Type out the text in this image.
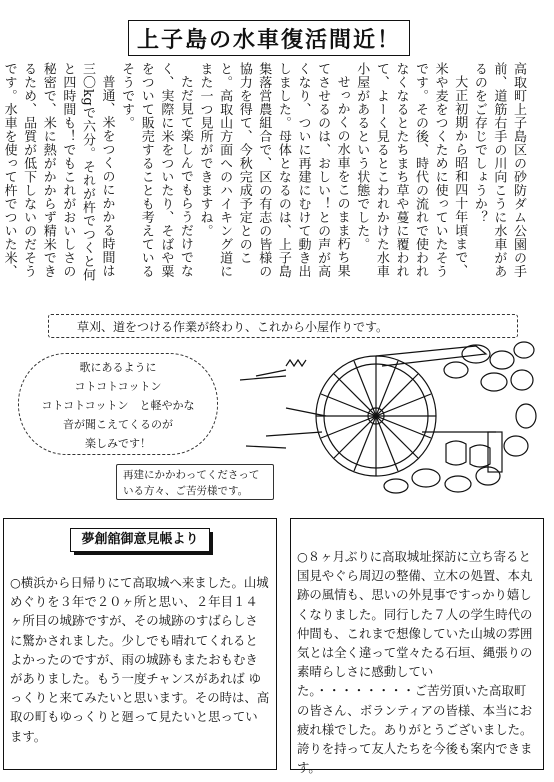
上子島の水車復活間近！

高取町上子島区の砂防ダム公園の手前、道筋右手の川向こうに水車があるのをご存じでしょうか？

大正初期から昭和四十年頃まで、米や麦をつくために使っていたそうです。その後、時代の流れで使われなくなるとたちまち草や蔓に覆われて、よーく見るとこわれかけた水車小屋があるという状態でした。

せっかくの水車をこのまま朽ち果てさせるのは、おしい！との声が高くなり、ついに再建にむけて動き出しました。母体となるのは、上子島集落営農組合で、区の有志の皆様の協力を得て、今秋完成予定とのこと。高取山方面へのハイキング道にまた一つ見所ができますね。

ただ見て楽しんでもらうだけでなく、実際に米をついたり、そばや粟をついて販売することも考えているそうです。

普通、米をつくのにかかる時間は三〇kgで六分。それが杵でつくと何と四時間も！でもこれがおいしさの秘密で、米に熱がかからず精米できるため、品質が低下しないのだそうです。水車を使って杵でついた米、

草刈、道をつける作業が終わり、これから小屋作りです。
歌にあるように
コトコトコットン
コトコトコットン　と軽やかな
音が聞こえてくるのが
楽しみです！
再建にかかわってくださっている方々、ご苦労様です。
夢創舘御意見帳より

○横浜から日帰りにて高取城へ来ました。山城めぐりを３年で２０ヶ所と思い、２年目１４ヶ所目の城跡ですが、その城跡のすばらしさに驚かされました。少しでも晴れてくれるとよかったのですが、雨の城跡もまたおもむきがありました。もう一度チャンスがあれば ゆっくりと来てみたいと思います。その時は、高取の町もゆっくりと廻って見たいと思っています。

○８ヶ月ぶりに高取城址探訪に立ち寄ると国見やぐら周辺の整備、立木の処置、本丸跡の風情も、思いの外見事ですっかり嬉しくなりました。同行した７人の学生時代の仲間も、これまで想像していた山城の雰囲気とは全く違って堂々たる石垣、縄張りの素晴らしさに感動していた。・・・・・・・・ご苦労頂いた高取町の皆さん、ボランティアの皆様、本当にお疲れ様でした。ありがとうございました。誇りを持って友人たちを今後も案内できます。
